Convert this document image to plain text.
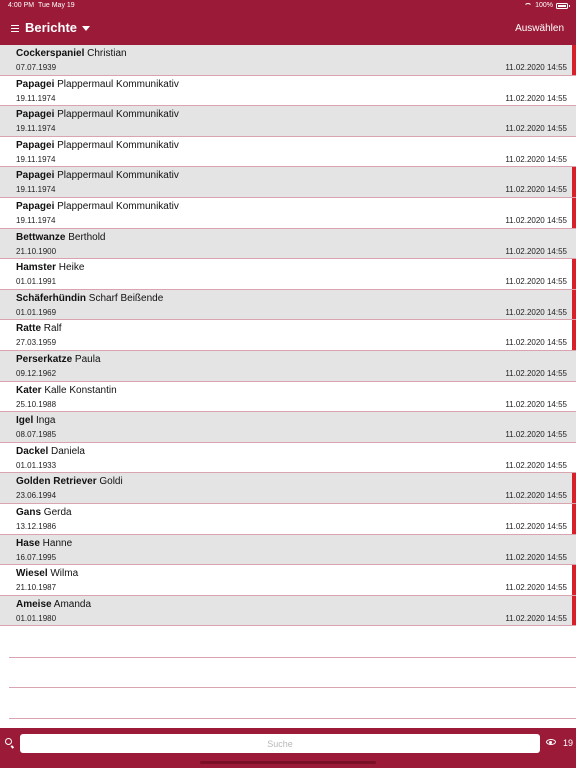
4:00 PM Tue May 19	100%
Berichte	Auswählen
Cockerspaniel Christian
07.07.1939	11.02.2020 14:55
Papagei Plappermaul Kommunikativ
19.11.1974	11.02.2020 14:55
Papagei Plappermaul Kommunikativ
19.11.1974	11.02.2020 14:55
Papagei Plappermaul Kommunikativ
19.11.1974	11.02.2020 14:55
Papagei Plappermaul Kommunikativ
19.11.1974	11.02.2020 14:55
Papagei Plappermaul Kommunikativ
19.11.1974	11.02.2020 14:55
Bettwanze Berthold
21.10.1900	11.02.2020 14:55
Hamster Heike
01.01.1991	11.02.2020 14:55
Schäferhündin Scharf Beißende
01.01.1969	11.02.2020 14:55
Ratte Ralf
27.03.1959	11.02.2020 14:55
Perserkatze Paula
09.12.1962	11.02.2020 14:55
Kater Kalle Konstantin
25.10.1988	11.02.2020 14:55
Igel Inga
08.07.1985	11.02.2020 14:55
Dackel Daniela
01.01.1933	11.02.2020 14:55
Golden Retriever Goldi
23.06.1994	11.02.2020 14:55
Gans Gerda
13.12.1986	11.02.2020 14:55
Hase Hanne
16.07.1995	11.02.2020 14:55
Wiesel Wilma
21.10.1987	11.02.2020 14:55
Ameise Amanda
01.01.1980	11.02.2020 14:55
Suche
19
